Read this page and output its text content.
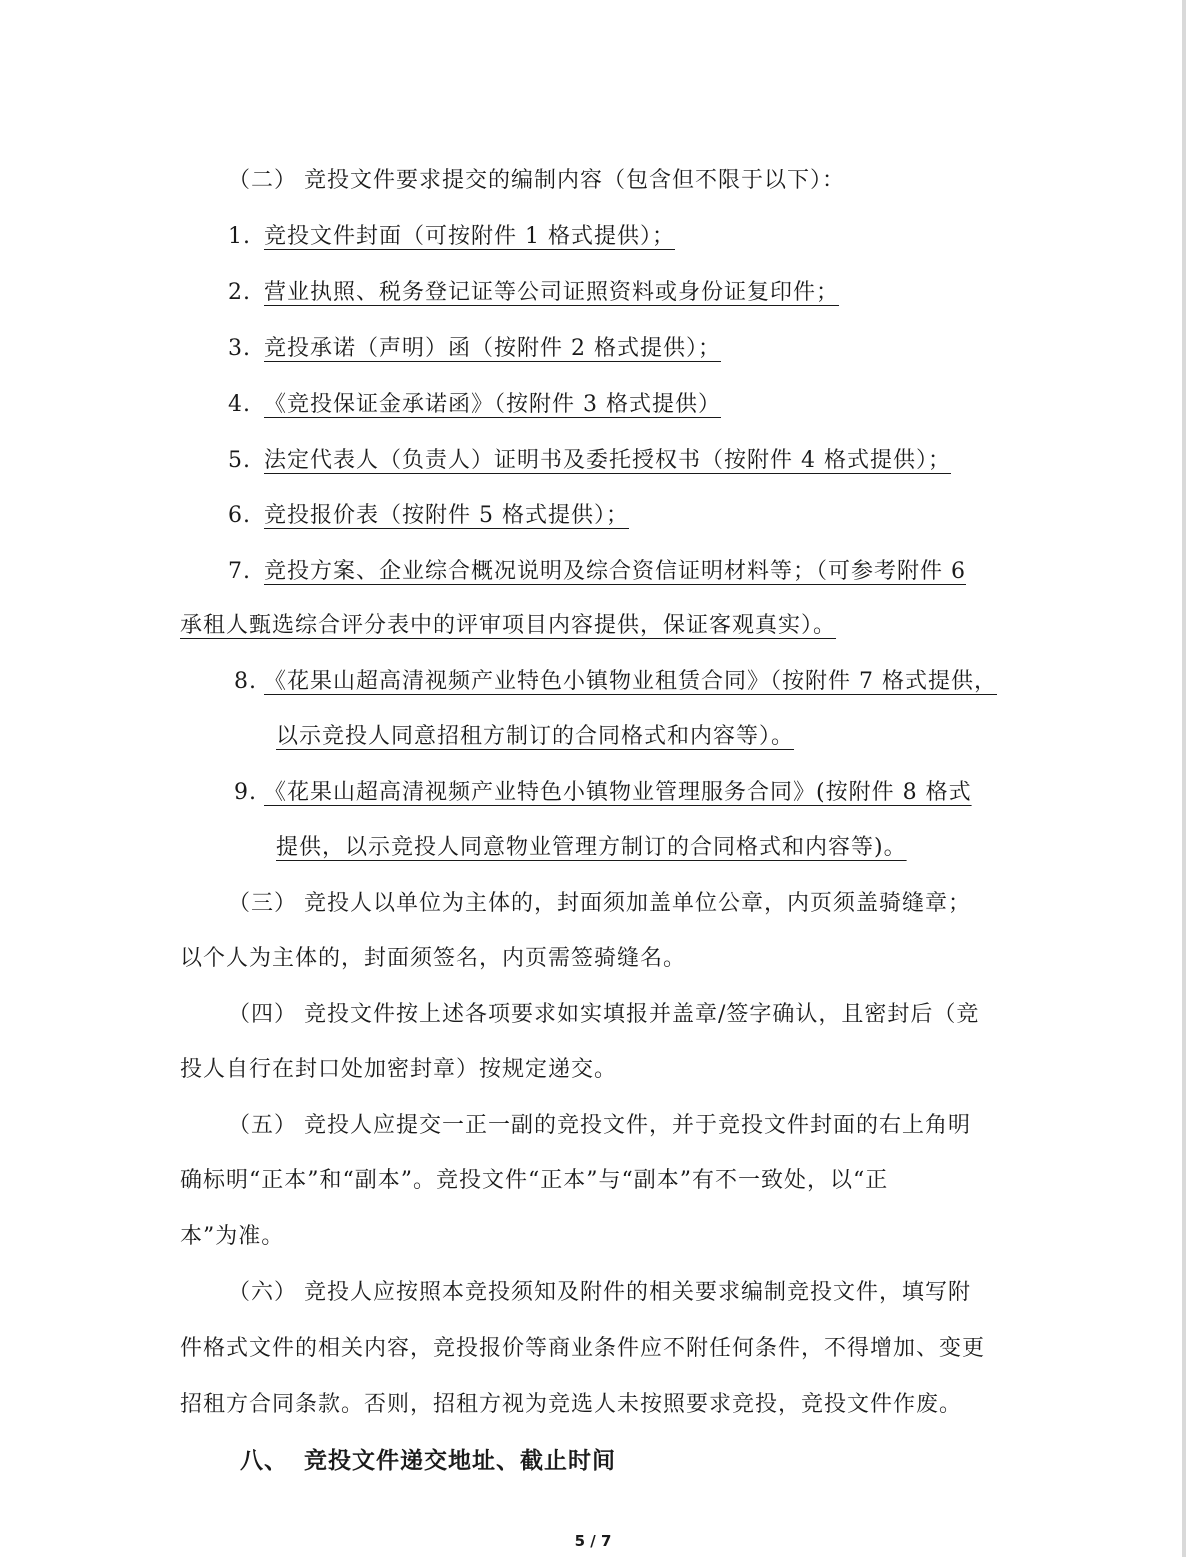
（二） 竞投文件要求提交的编制内容（包含但不限于以下）：
1. 竞投文件封面（可按附件 1 格式提供）；
2. 营业执照、税务登记证等公司证照资料或身份证复印件；
3. 竞投承诺（声明）函（按附件 2 格式提供）；
4. 《竞投保证金承诺函》（按附件 3 格式提供）
5. 法定代表人（负责人）证明书及委托授权书（按附件 4 格式提供）；
6. 竞投报价表（按附件 5 格式提供）；
7. 竞投方案、企业综合概况说明及综合资信证明材料等；（可参考附件 6
承租人甄选综合评分表中的评审项目内容提供，保证客观真实）。
8. 《花果山超高清视频产业特色小镇物业租赁合同》（按附件 7 格式提供，
以示竞投人同意招租方制订的合同格式和内容等）。
9. 《花果山超高清视频产业特色小镇物业管理服务合同》(按附件 8 格式
提供，以示竞投人同意物业管理方制订的合同格式和内容等)。
（三） 竞投人以单位为主体的，封面须加盖单位公章，内页须盖骑缝章；
以个人为主体的，封面须签名，内页需签骑缝名。
（四） 竞投文件按上述各项要求如实填报并盖章/签字确认，且密封后（竞
投人自行在封口处加密封章）按规定递交。
（五） 竞投人应提交一正一副的竞投文件，并于竞投文件封面的右上角明
确标明“正本”和“副本”。竞投文件“正本”与“副本”有不一致处，以“正
本”为准。
（六） 竞投人应按照本竞投须知及附件的相关要求编制竞投文件，填写附
件格式文件的相关内容，竞投报价等商业条件应不附任何条件，不得增加、变更
招租方合同条款。否则，招租方视为竞选人未按照要求竞投，竞投文件作废。
八、 竞投文件递交地址、截止时间
5 / 7
